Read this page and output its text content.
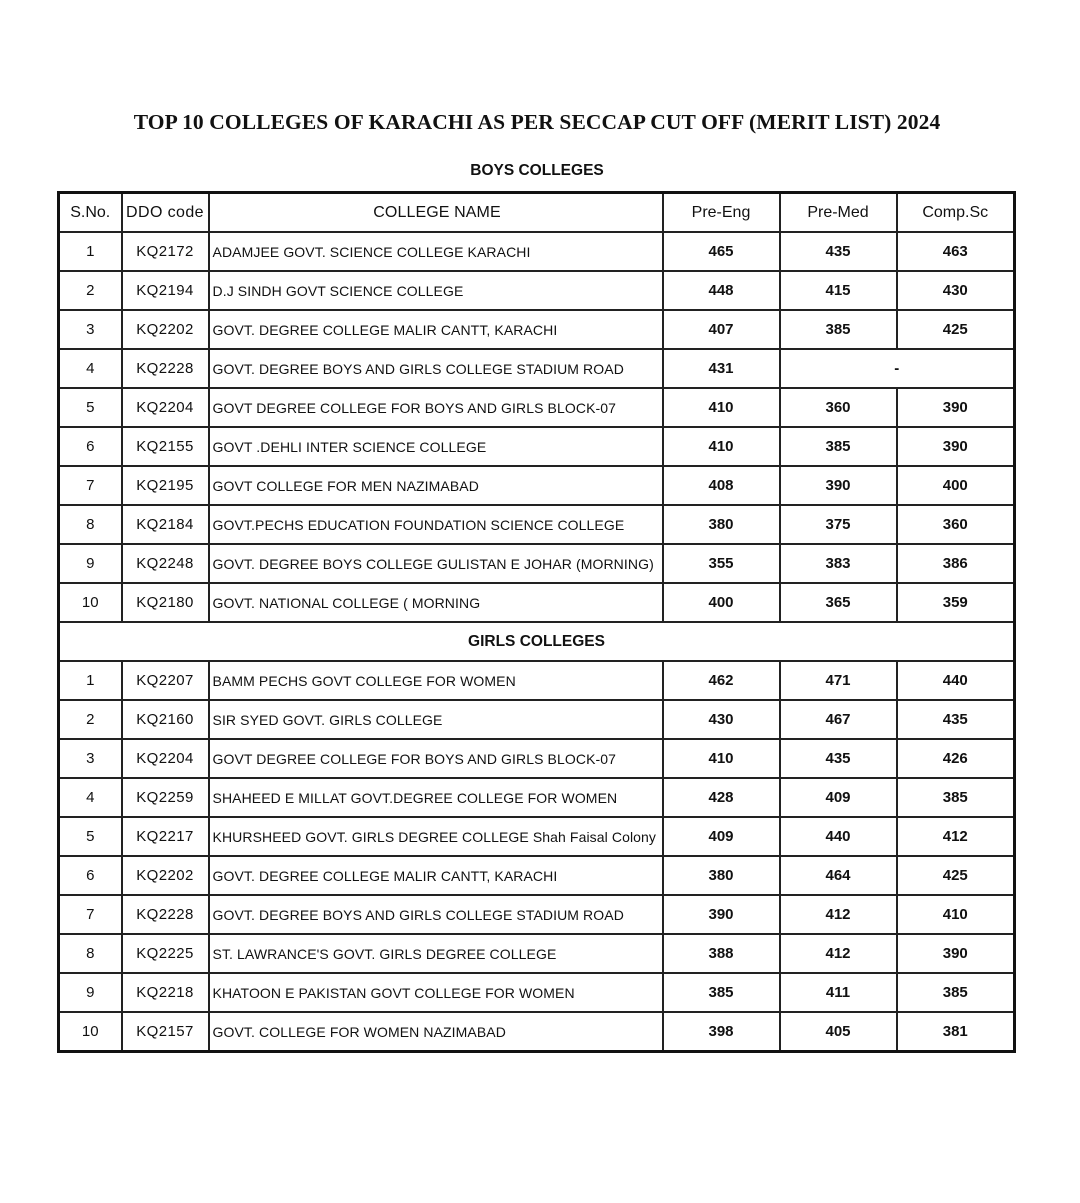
TOP 10 COLLEGES OF KARACHI AS PER SECCAP CUT OFF (MERIT LIST) 2024
BOYS COLLEGES
S.No.	DDO code	COLLEGE NAME	Pre-Eng	Pre-Med	Comp.Sc
1	KQ2172	ADAMJEE GOVT. SCIENCE COLLEGE KARACHI	465	435	463
2	KQ2194	D.J SINDH GOVT SCIENCE COLLEGE	448	415	430
3	KQ2202	GOVT. DEGREE COLLEGE MALIR CANTT, KARACHI	407	385	425
4	KQ2228	GOVT. DEGREE BOYS AND GIRLS COLLEGE STADIUM ROAD	431	-	
5	KQ2204	GOVT DEGREE COLLEGE FOR BOYS AND GIRLS BLOCK-07	410	360	390
6	KQ2155	GOVT .DEHLI INTER SCIENCE COLLEGE	410	385	390
7	KQ2195	GOVT COLLEGE FOR MEN NAZIMABAD	408	390	400
8	KQ2184	GOVT.PECHS EDUCATION FOUNDATION SCIENCE COLLEGE	380	375	360
9	KQ2248	GOVT. DEGREE BOYS COLLEGE GULISTAN E JOHAR (MORNING)	355	383	386
10	KQ2180	GOVT. NATIONAL COLLEGE ( MORNING	400	365	359
GIRLS COLLEGES					
1	KQ2207	BAMM PECHS GOVT COLLEGE FOR WOMEN	462	471	440
2	KQ2160	SIR SYED GOVT. GIRLS COLLEGE	430	467	435
3	KQ2204	GOVT DEGREE COLLEGE FOR BOYS AND GIRLS BLOCK-07	410	435	426
4	KQ2259	SHAHEED E MILLAT GOVT.DEGREE COLLEGE FOR WOMEN	428	409	385
5	KQ2217	KHURSHEED GOVT. GIRLS DEGREE COLLEGE Shah Faisal Colony	409	440	412
6	KQ2202	GOVT. DEGREE COLLEGE MALIR CANTT, KARACHI	380	464	425
7	KQ2228	GOVT. DEGREE BOYS AND GIRLS COLLEGE STADIUM ROAD	390	412	410
8	KQ2225	ST. LAWRANCE'S GOVT. GIRLS DEGREE COLLEGE	388	412	390
9	KQ2218	KHATOON E PAKISTAN GOVT COLLEGE FOR WOMEN	385	411	385
10	KQ2157	GOVT. COLLEGE FOR WOMEN NAZIMABAD	398	405	381
